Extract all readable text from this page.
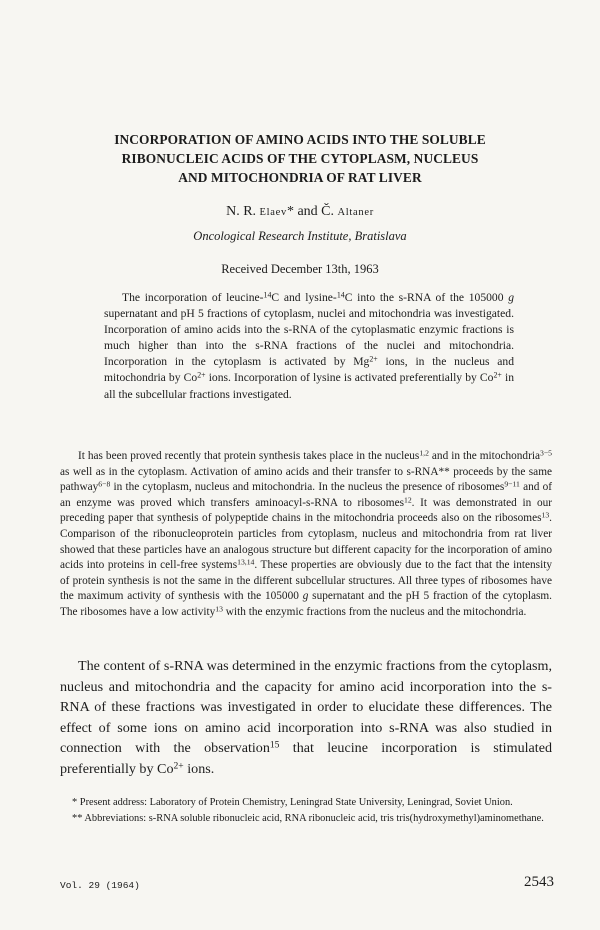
INCORPORATION OF AMINO ACIDS INTO THE SOLUBLE
RIBONUCLEIC ACIDS OF THE CYTOPLASM, NUCLEUS
AND MITOCHONDRIA OF RAT LIVER
N. R. Elaev* and Č. Altaner
Oncological Research Institute, Bratislava
Received December 13th, 1963

The incorporation of leucine-$^{14}$C and lysine-$^{14}$C into the s-RNA of the 105000 g supernatant and pH 5 fractions of cytoplasm, nuclei and mitochondria was investigated. Incorporation of amino acids into the s-RNA of the cytoplasmatic enzymic fractions is much higher than into the s-RNA fractions of the nuclei and mitochondria. Incorporation in the cytoplasm is activated by $Mg^{2+}$ ions, in the nucleus and mitochondria by $Co^{2+}$ ions. Incorporation of lysine is activated preferentially by $Co^{2+}$ in all the subcellular fractions investigated.

It has been proved recently that protein synthesis takes place in the nucleus$^{1,2}$ and in the mitochondria$^{3-5}$ as well as in the cytoplasm. Activation of amino acids and their transfer to s-RNA** proceeds by the same pathway$^{6-8}$ in the cytoplasm, nucleus and mitochondria. In the nucleus the presence of ribosomes$^{9-11}$ and of an enzyme was proved which transfers aminoacyl-s-RNA to ribosomes$^{12}$. It was demonstrated in our preceding paper that synthesis of polypeptide chains in the mitochondria proceeds also on the ribosomes$^{13}$. Comparison of the ribonucleoprotein particles from cytoplasm, nucleus and mitochondria from rat liver showed that these particles have an analogous structure but different capacity for the incorporation of amino acids into proteins in cell-free systems$^{13,14}$. These properties are obviously due to the fact that the intensity of protein synthesis is not the same in the different subcellular structures. All three types of ribosomes have the maximum activity of synthesis with the 105000 g supernatant and the pH 5 fraction of the cytoplasm. The ribosomes have a low activity$^{13}$ with the enzymic fractions from the nucleus and the mitochondria.

The content of s-RNA was determined in the enzymic fractions from the cytoplasm, nucleus and mitochondria and the capacity for amino acid incorporation into the s-RNA of these fractions was investigated in order to elucidate these differences. The effect of some ions on amino acid incorporation into s-RNA was also studied in connection with the observation$^{15}$ that leucine incorporation is stimulated preferentially by $Co^{2+}$ ions.

* Present address: Laboratory of Protein Chemistry, Leningrad State University, Leningrad, Soviet Union.

** Abbreviations: s-RNA soluble ribonucleic acid, RNA ribonucleic acid, tris tris(hydroxymethyl)aminomethane.

Vol. 29 (1964)	2543
